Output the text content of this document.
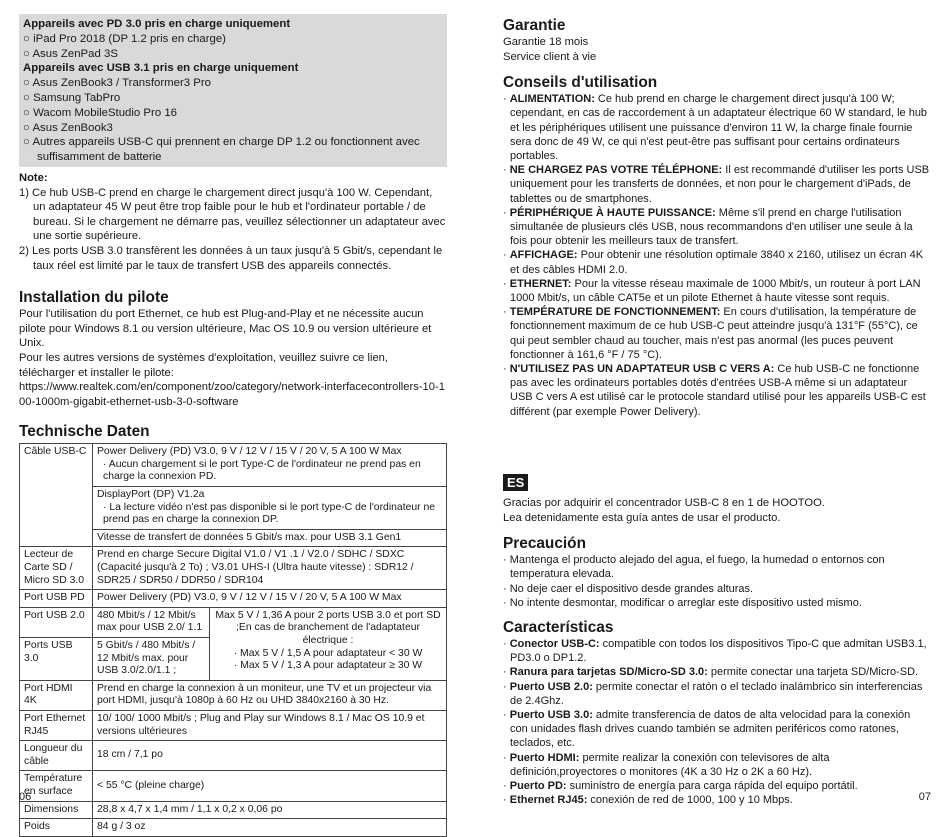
Appareils avec PD 3.0 pris en charge uniquement
○ iPad Pro 2018 (DP 1.2 pris en charge)
○ Asus ZenPad 3S
Appareils avec USB 3.1 pris en charge uniquement
○ Asus ZenBook3 / Transformer3 Pro
○ Samsung TabPro
○ Wacom MobileStudio Pro 16
○ Asus ZenBook3
○ Autres appareils USB-C qui prennent en charge DP 1.2 ou fonctionnent avec suffisamment de batterie
Note:
1) Ce hub USB-C prend en charge le chargement direct jusqu'à 100 W. Cependant, un adaptateur 45 W peut être trop faible pour le hub et l'ordinateur portable / de bureau. Si le chargement ne démarre pas, veuillez sélectionner un adaptateur avec une sortie supérieure.
2) Les ports USB 3.0 transfèrent les données à un taux jusqu'à 5 Gbit/s, cependant le taux réel est limité par le taux de transfert USB des appareils connectés.
Installation du pilote
Pour l'utilisation du port Ethernet, ce hub est Plug-and-Play et ne nécessite aucun pilote pour Windows 8.1 ou version ultérieure, Mac OS 10.9 ou version ultérieure et Unix.
Pour les autres versions de systèmes d'exploitation, veuillez suivre ce lien, télécharger et installer le pilote:
https://www.realtek.com/en/component/zoo/category/network-interfacecontrollers-10-100-1000m-gigabit-ethernet-usb-3-0-software
Technische Daten
Câble USB-C	Power Delivery (PD) V3.0, 9 V / 12 V / 15 V / 20 V, 5 A 100 W Max
· Aucun chargement si le port Type-C de l'ordinateur ne prend pas en charge la connexion PD.	

	DisplayPort (DP) V1.2a
· La lecture vidéo n'est pas disponible si le port type-C de l'ordinateur ne prend pas en charge la connexion DP.	

	Vitesse de transfert de données 5 Gbit/s max. pour USB 3.1 Gen1	
Lecteur de Carte SD / Micro SD 3.0	Prend en charge Secure Digital V1.0 / V1 .1 / V2.0 / SDHC / SDXC (Capacité jusqu'à 2 To) ; V3.01 UHS-I (Ultra haute vitesse) : SDR12 / SDR25 / SDR50 / DDR50 / SDR104	
Port USB PD	Power Delivery (PD) V3.0, 9 V / 12 V / 15 V / 20 V, 5 A 100 W Max	
Port USB 2.0	480 Mbit/s / 12 Mbit/s max pour USB 2.0/ 1.1	Max 5 V / 1,36 A pour 2 ports USB 3.0 et port SD ;En cas de branchement de l'adaptateur électrique :
· Max 5 V / 1,5 A pour adaptateur < 30 W
· Max 5 V / 1,3 A pour adaptateur ≥ 30 W

Ports USB 3.0	5 Gbit/s / 480 Mbit/s / 12 Mbit/s max. pour USB 3.0/2.0/1.1 ;	
Port HDMI 4K	Prend en charge la connexion à un moniteur, une TV et un projecteur via port HDMI, jusqu'à 1080p à 60 Hz ou UHD 3840x2160 à 30 Hz.	
Port Ethernet RJ45	10/ 100/ 1000 Mbit/s ; Plug and Play sur Windows 8.1 / Mac OS 10.9 et versions ultérieures	
Longueur du câble	18 cm / 7,1 po	
Température en surface	< 55 °C (pleine charge)	
Dimensions	28,8 x 4,7 x 1,4 mm / 1,1 x 0,2 x 0,06 po	
Poids	84 g / 3 oz	
Garantie
Garantie 18 mois
Service client à vie
Conseils d'utilisation
· ALIMENTATION: Ce hub prend en charge le chargement direct jusqu'à 100 W; cependant, en cas de raccordement à un adaptateur électrique 60 W standard, le hub et les périphériques utilisent une puissance d'environ 11 W, la charge finale fournie sera donc de 49 W, ce qui n'est peut-être pas suffisant pour certains ordinateurs portables.
· NE CHARGEZ PAS VOTRE TÉLÉPHONE: Il est recommandé d'utiliser les ports USB uniquement pour les transferts de données, et non pour le chargement d'iPads, de tablettes ou de smartphones.
· PÉRIPHÉRIQUE À HAUTE PUISSANCE: Même s'il prend en charge l'utilisation simultanée de plusieurs clés USB, nous recommandons d'en utiliser une seule à la fois pour obtenir les meilleurs taux de transfert.
· AFFICHAGE: Pour obtenir une résolution optimale 3840 x 2160, utilisez un écran 4K et des câbles HDMI 2.0.
· ETHERNET: Pour la vitesse réseau maximale de 1000 Mbit/s, un routeur à port LAN 1000 Mbit/s, un câble CAT5e et un pilote Ethernet à haute vitesse sont requis.
· TEMPÉRATURE DE FONCTIONNEMENT: En cours d'utilisation, la température de fonctionnement maximum de ce hub USB-C peut atteindre jusqu'à 131°F (55°C), ce qui peut sembler chaud au toucher, mais n'est pas anormal (les puces peuvent fonctionner à 161,6 °F / 75 °C).
· N'UTILISEZ PAS UN ADAPTATEUR USB C VERS A: Ce hub USB-C ne fonctionne pas avec les ordinateurs portables dotés d'entrées USB-A même si un adaptateur USB C vers A est utilisé car le protocole standard utilisé pour les appareils USB-C est différent (par exemple Power Delivery).
ES
Gracias por adquirir el concentrador USB-C 8 en 1 de HOOTOO.
Lea detenidamente esta guía antes de usar el producto.
Precaución
· Mantenga el producto alejado del agua, el fuego, la humedad o entornos con temperatura elevada.
· No deje caer el dispositivo desde grandes alturas.
· No intente desmontar, modificar o arreglar este dispositivo usted mismo.
Características
· Conector USB-C: compatible con todos los dispositivos Tipo-C que admitan USB3.1, PD3.0 o DP1.2.
· Ranura para tarjetas SD/Micro-SD 3.0: permite conectar una tarjeta SD/Micro-SD.
· Puerto USB 2.0: permite conectar el ratón o el teclado inalámbrico sin interferencias de 2.4Ghz.
· Puerto USB 3.0: admite transferencia de datos de alta velocidad para la conexión con unidades flash drives cuando también se admiten periféricos como ratones, teclados, etc.
· Puerto HDMI: permite realizar la conexión con televisores de alta definición,proyectores o monitores (4K a 30 Hz o 2K a 60 Hz).
· Puerto PD: suministro de energía para carga rápida del equipo portátil.
· Ethernet RJ45: conexión de red de 1000, 100 y 10 Mbps.
06	07
